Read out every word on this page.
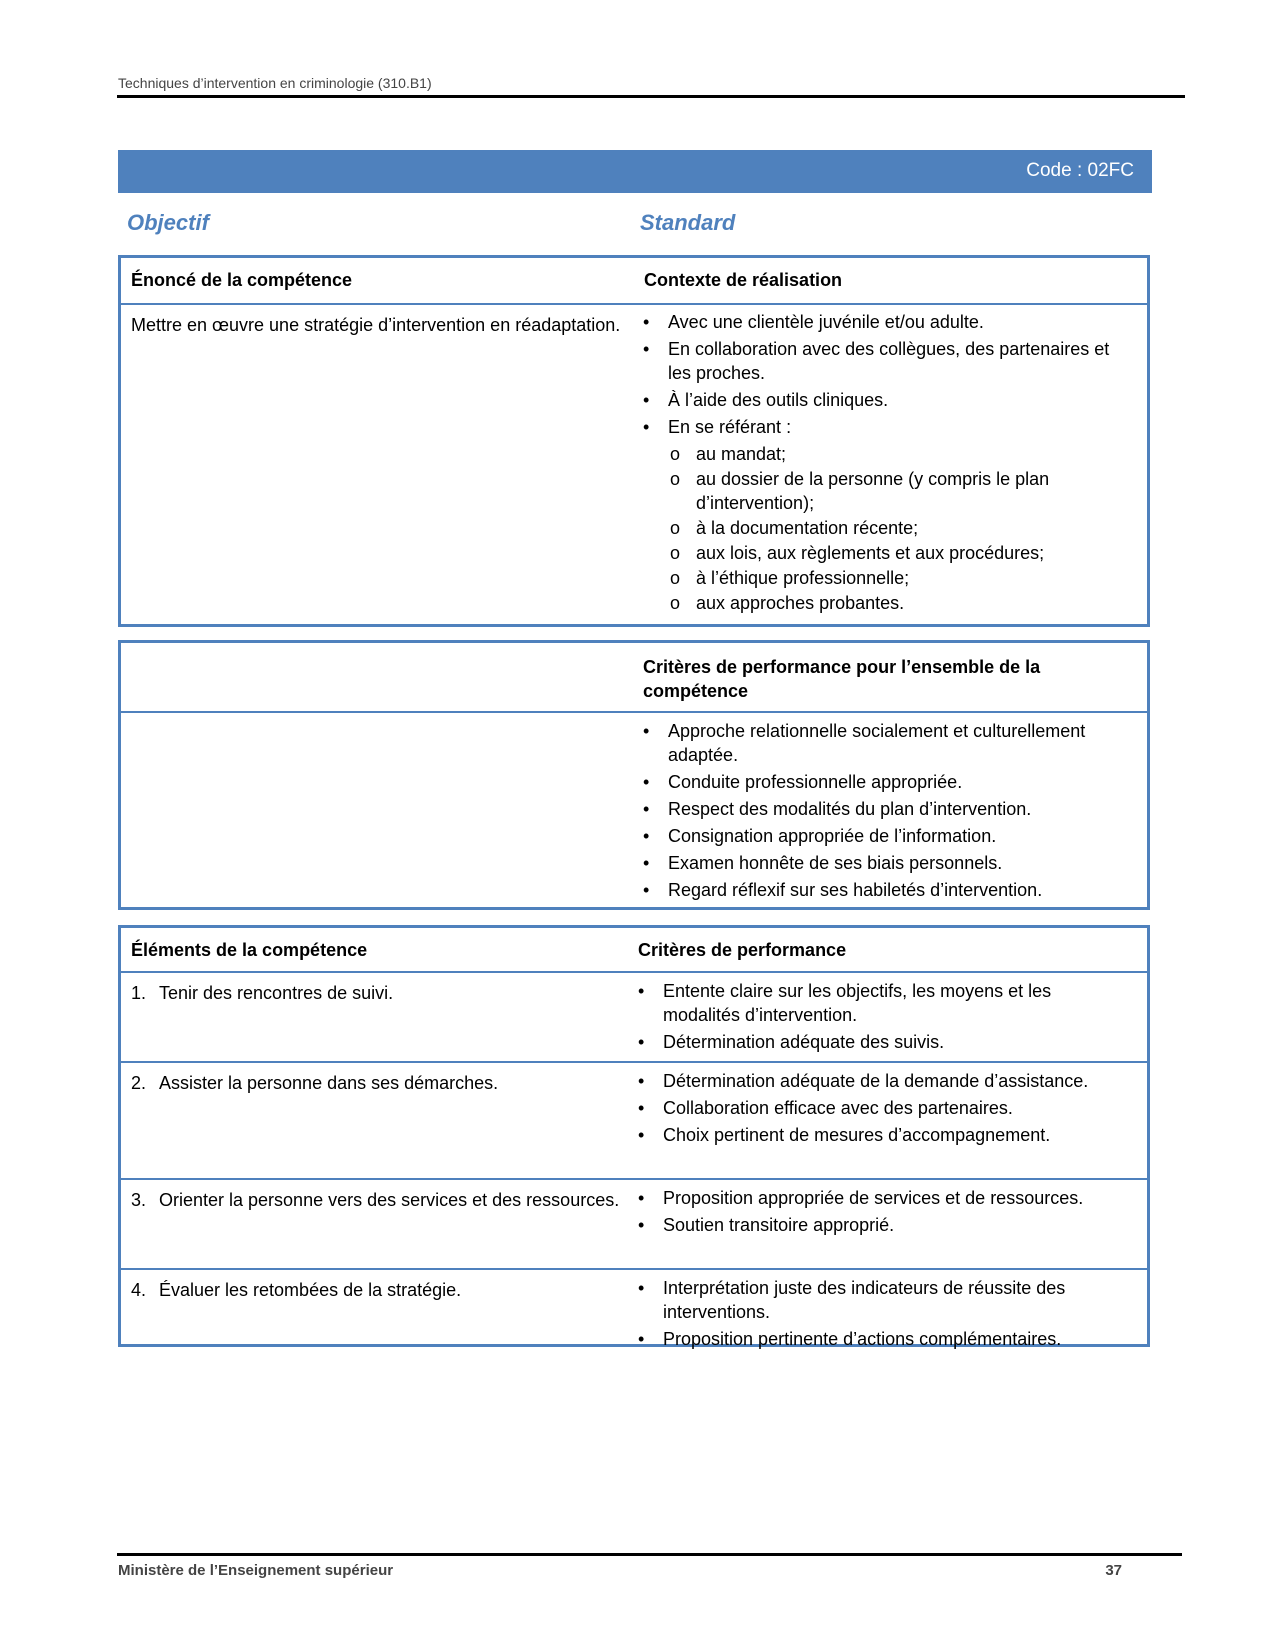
Techniques d’intervention en criminologie (310.B1)
Code : 02FC
Objectif	Standard
Énoncé de la compétence	Contexte de réalisation
Mettre en œuvre une stratégie d’intervention en réadaptation.	• Avec une clientèle juvénile et/ou adulte.
• En collaboration avec des collègues, des partenaires et les proches.
• À l’aide des outils cliniques.
• En se référant :
o au mandat;
o au dossier de la personne (y compris le plan d’intervention);
o à la documentation récente;
o aux lois, aux règlements et aux procédures;
o à l’éthique professionnelle;
o aux approches probantes.
Critères de performance pour l’ensemble de la compétence
• Approche relationnelle socialement et culturellement adaptée.
• Conduite professionnelle appropriée.
• Respect des modalités du plan d’intervention.
• Consignation appropriée de l’information.
• Examen honnête de ses biais personnels.
• Regard réflexif sur ses habiletés d’intervention.
Éléments de la compétence	Critères de performance
1. Tenir des rencontres de suivi.	• Entente claire sur les objectifs, les moyens et les modalités d’intervention.
• Détermination adéquate des suivis.
2. Assister la personne dans ses démarches.	• Détermination adéquate de la demande d’assistance.
• Collaboration efficace avec des partenaires.
• Choix pertinent de mesures d’accompagnement.
3. Orienter la personne vers des services et des ressources.	• Proposition appropriée de services et de ressources.
• Soutien transitoire approprié.
4. Évaluer les retombées de la stratégie.	• Interprétation juste des indicateurs de réussite des interventions.
• Proposition pertinente d’actions complémentaires.
Ministère de l’Enseignement supérieur	37
